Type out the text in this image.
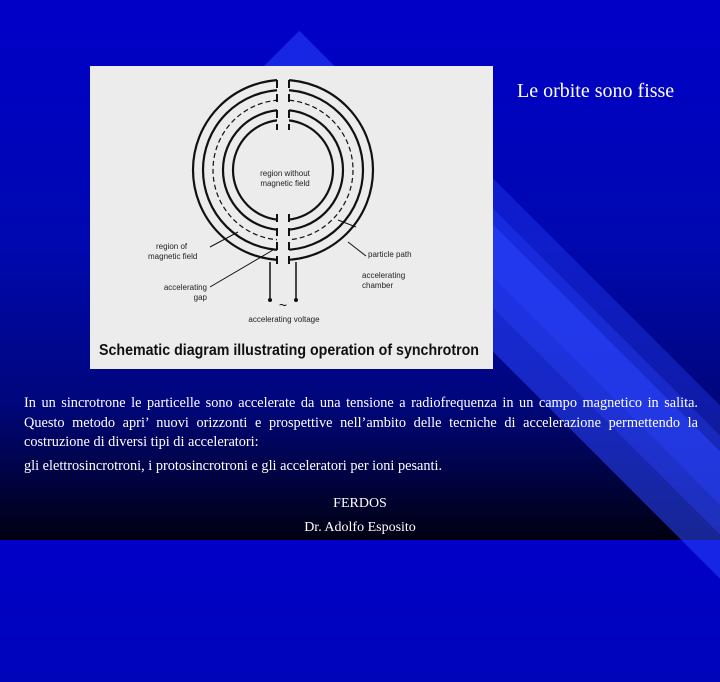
region without
magnetic field
region of
magnetic field	particle path
accelerating
chamber
accelerating
gap	~
accelerating voltage
Schematic diagram illustrating operation of synchrotron
Le orbite sono fisse
In un sincrotrone le particelle sono accelerate da una tensione a radiofrequenza in un campo magnetico in salita. Questo metodo apri’ nuovi orizzonti e prospettive nell’ambito delle tecniche di accelerazione permettendo la costruzione di diversi tipi di acceleratori:
gli elettrosincrotroni, i protosincrotroni e gli acceleratori per ioni pesanti.
FERDOS
Dr. Adolfo Esposito
